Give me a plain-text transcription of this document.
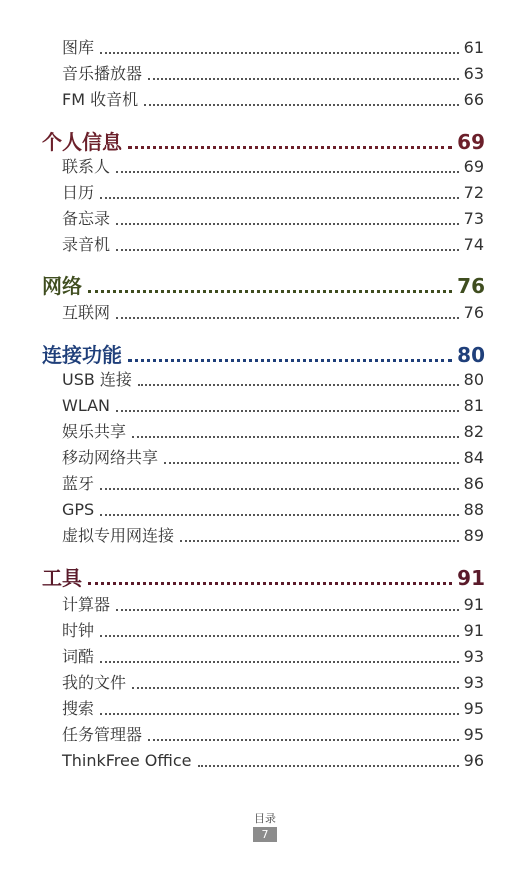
图库	61
音乐播放器	63
FM 收音机	66
个人信息	69
联系人	69
日历	72
备忘录	73
录音机	74
网络	76
互联网	76
连接功能	80
USB 连接	80
WLAN	81
娱乐共享	82
移动网络共享	84
蓝牙	86
GPS	88
虚拟专用网连接	89
工具	91
计算器	91
时钟	91
词酷	93
我的文件	93
搜索	95
任务管理器	95
ThinkFree Office	96
目录
7
